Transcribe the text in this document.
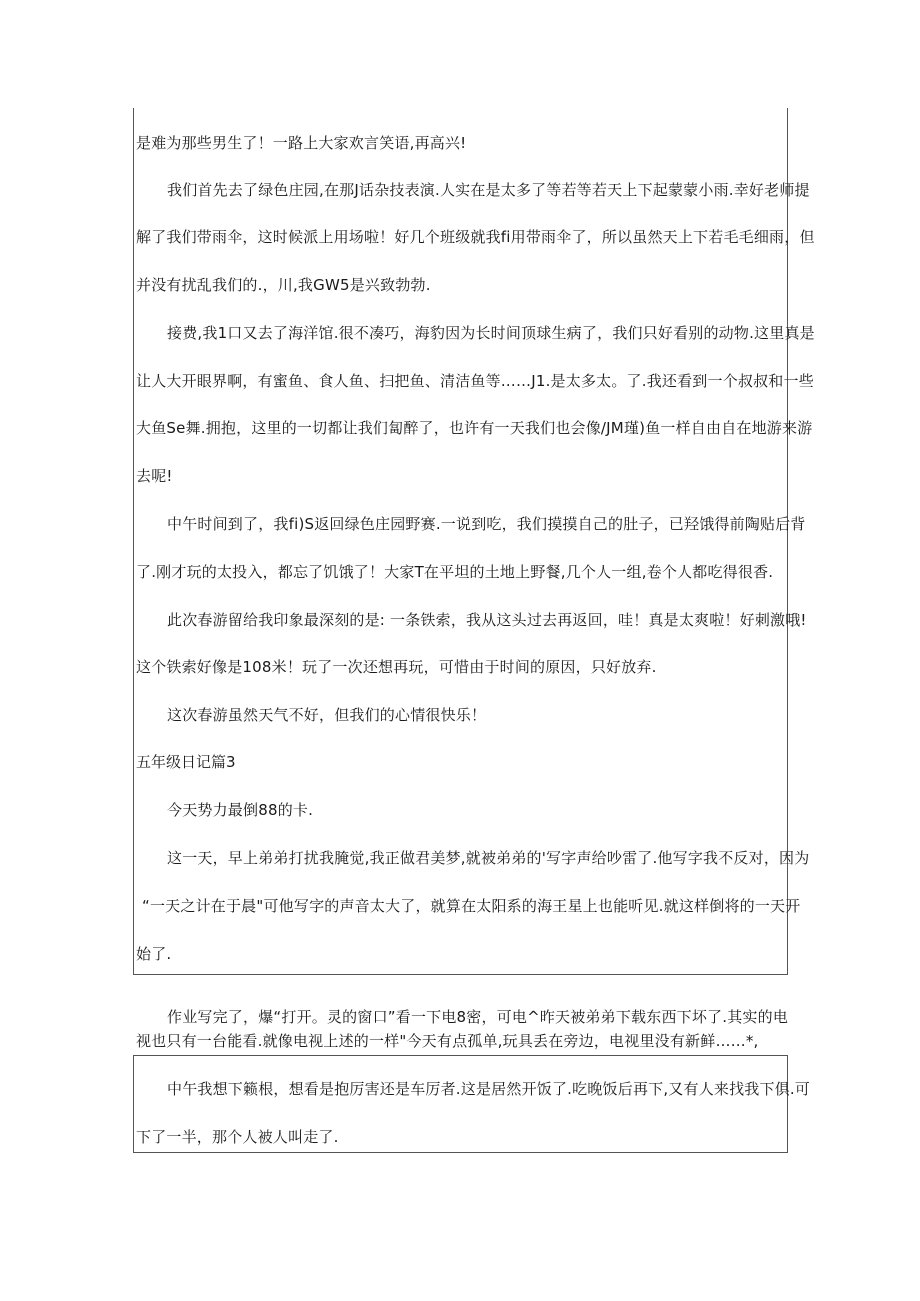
是难为那些男生了！一路上大家欢言笑语,再高兴!
我们首先去了绿色庄园,在那J话杂技表演.人实在是太多了等若等若天上下起蒙蒙小雨.幸好老师提
解了我们带雨伞，这时候派上用场啦！好几个班级就我fi用带雨伞了，所以虽然天上下若毛毛细雨，但
并没有扰乱我们的.，川,我GW5是兴致勃勃.
接费,我1口又去了海洋馆.很不凑巧，海豹因为长时间顶球生病了，我们只好看别的动物.这里真是
让人大开眼界啊，有蜜鱼、食人鱼、扫把鱼、清洁鱼等……J1.是太多太。了.我还看到一个叔叔和一些
大鱼Se舞.拥抱，这里的一切都让我们匐醉了，也许有一天我们也会像/JM瑾)鱼一样自由自在地游来游
去呢!
中午时间到了，我fi)S返回绿色庄园野赛.一说到吃，我们摸摸自己的肚子，已羟饿得前陶贴后背
了.刚才玩的太投入，都忘了饥饿了！大家T在平坦的土地上野餐,几个人一组,卷个人都吃得很香.
此次春游留给我印象最深刻的是: 一条铁索，我从这头过去再返回，哇！真是太爽啦！好刺激哦!
这个铁索好像是108米！玩了一次还想再玩，可惜由于时间的原因，只好放弃.
这次春游虽然天气不好，但我们的心情很快乐！
五年级日记篇3
今天势力最倒88的卡.
这一天，早上弟弟打扰我腌觉,我正做君美梦,就被弟弟的'写字声给吵雷了.他写字我不反对，因为
“一天之计在于晨"可他写字的声音太大了，就算在太阳系的海王星上也能听见.就这样倒将的一天开
始了.
作业写完了，爆“打开。灵的窗口”看一下电8密，可电^昨天被弟弟下载东西下坏了.其实的电
视也只有一台能看.就像电视上述的一样"今天有点孤单,玩具丢在旁边，电视里没有新鲜……*,
中午我想下籁根，想看是抱厉害还是车厉者.这是居然开饭了.吃晚饭后再下,又有人来找我下俱.可
下了一半，那个人被人叫走了.
